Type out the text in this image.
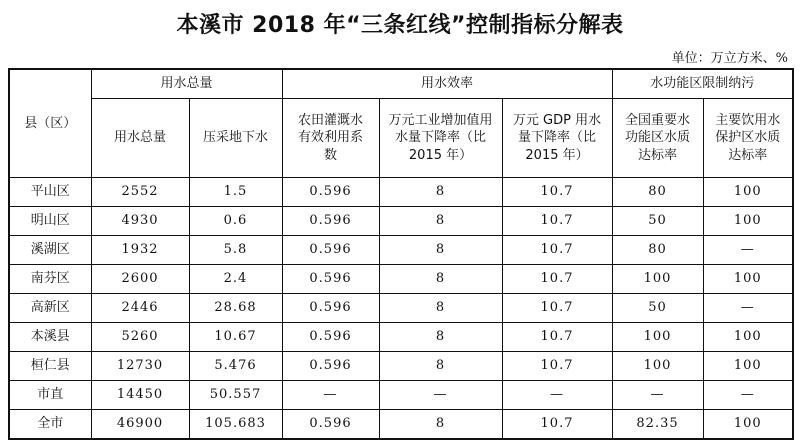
本溪市 2018 年“三条红线”控制指标分解表
单位：万立方米、%
县（区）	用水总量		用水效率			水功能区限制纳污	
	用水总量	压采地下水	农田灌溉水有效利用系数	万元工业增加值用水量下降率（比 2015 年）	万元 GDP 用水量下降率（比 2015 年）	全国重要水功能区水质达标率	主要饮用水保护区水质达标率
平山区	2552	1.5	0.596	8	10.7	80	100
明山区	4930	0.6	0.596	8	10.7	50	100
溪湖区	1932	5.8	0.596	8	10.7	80	—
南芬区	2600	2.4	0.596	8	10.7	100	100
高新区	2446	28.68	0.596	8	10.7	50	—
本溪县	5260	10.67	0.596	8	10.7	100	100
桓仁县	12730	5.476	0.596	8	10.7	100	100
市直	14450	50.557	—	—	—	—	—
全市	46900	105.683	0.596	8	10.7	82.35	100
